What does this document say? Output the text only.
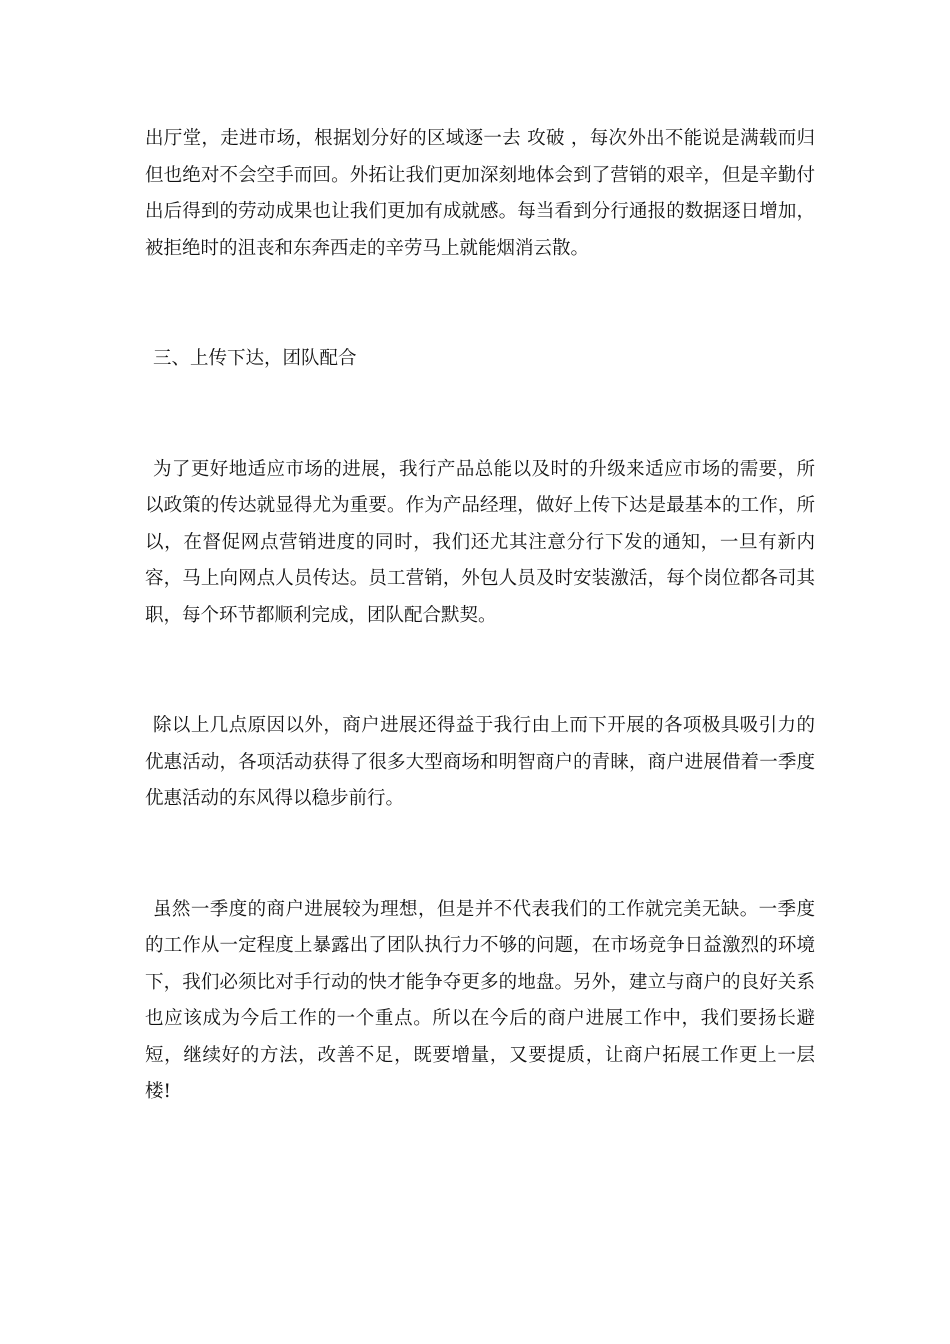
出厅堂，走进市场，根据划分好的区域逐一去 攻破 ，每次外出不能说是满载而归但也绝对不会空手而回。外拓让我们更加深刻地体会到了营销的艰辛，但是辛勤付出后得到的劳动成果也让我们更加有成就感。每当看到分行通报的数据逐日增加，被拒绝时的沮丧和东奔西走的辛劳马上就能烟消云散。

三、上传下达，团队配合

为了更好地适应市场的进展，我行产品总能以及时的升级来适应市场的需要，所以政策的传达就显得尤为重要。作为产品经理，做好上传下达是最基本的工作，所以，在督促网点营销进度的同时，我们还尤其注意分行下发的通知，一旦有新内容，马上向网点人员传达。员工营销，外包人员及时安装激活，每个岗位都各司其职，每个环节都顺利完成，团队配合默契。

除以上几点原因以外，商户进展还得益于我行由上而下开展的各项极具吸引力的优惠活动，各项活动获得了很多大型商场和明智商户的青睐，商户进展借着一季度优惠活动的东风得以稳步前行。

虽然一季度的商户进展较为理想，但是并不代表我们的工作就完美无缺。一季度的工作从一定程度上暴露出了团队执行力不够的问题，在市场竞争日益激烈的环境下，我们必须比对手行动的快才能争夺更多的地盘。另外，建立与商户的良好关系也应该成为今后工作的一个重点。所以在今后的商户进展工作中，我们要扬长避短，继续好的方法，改善不足，既要增量，又要提质，让商户拓展工作更上一层楼!
